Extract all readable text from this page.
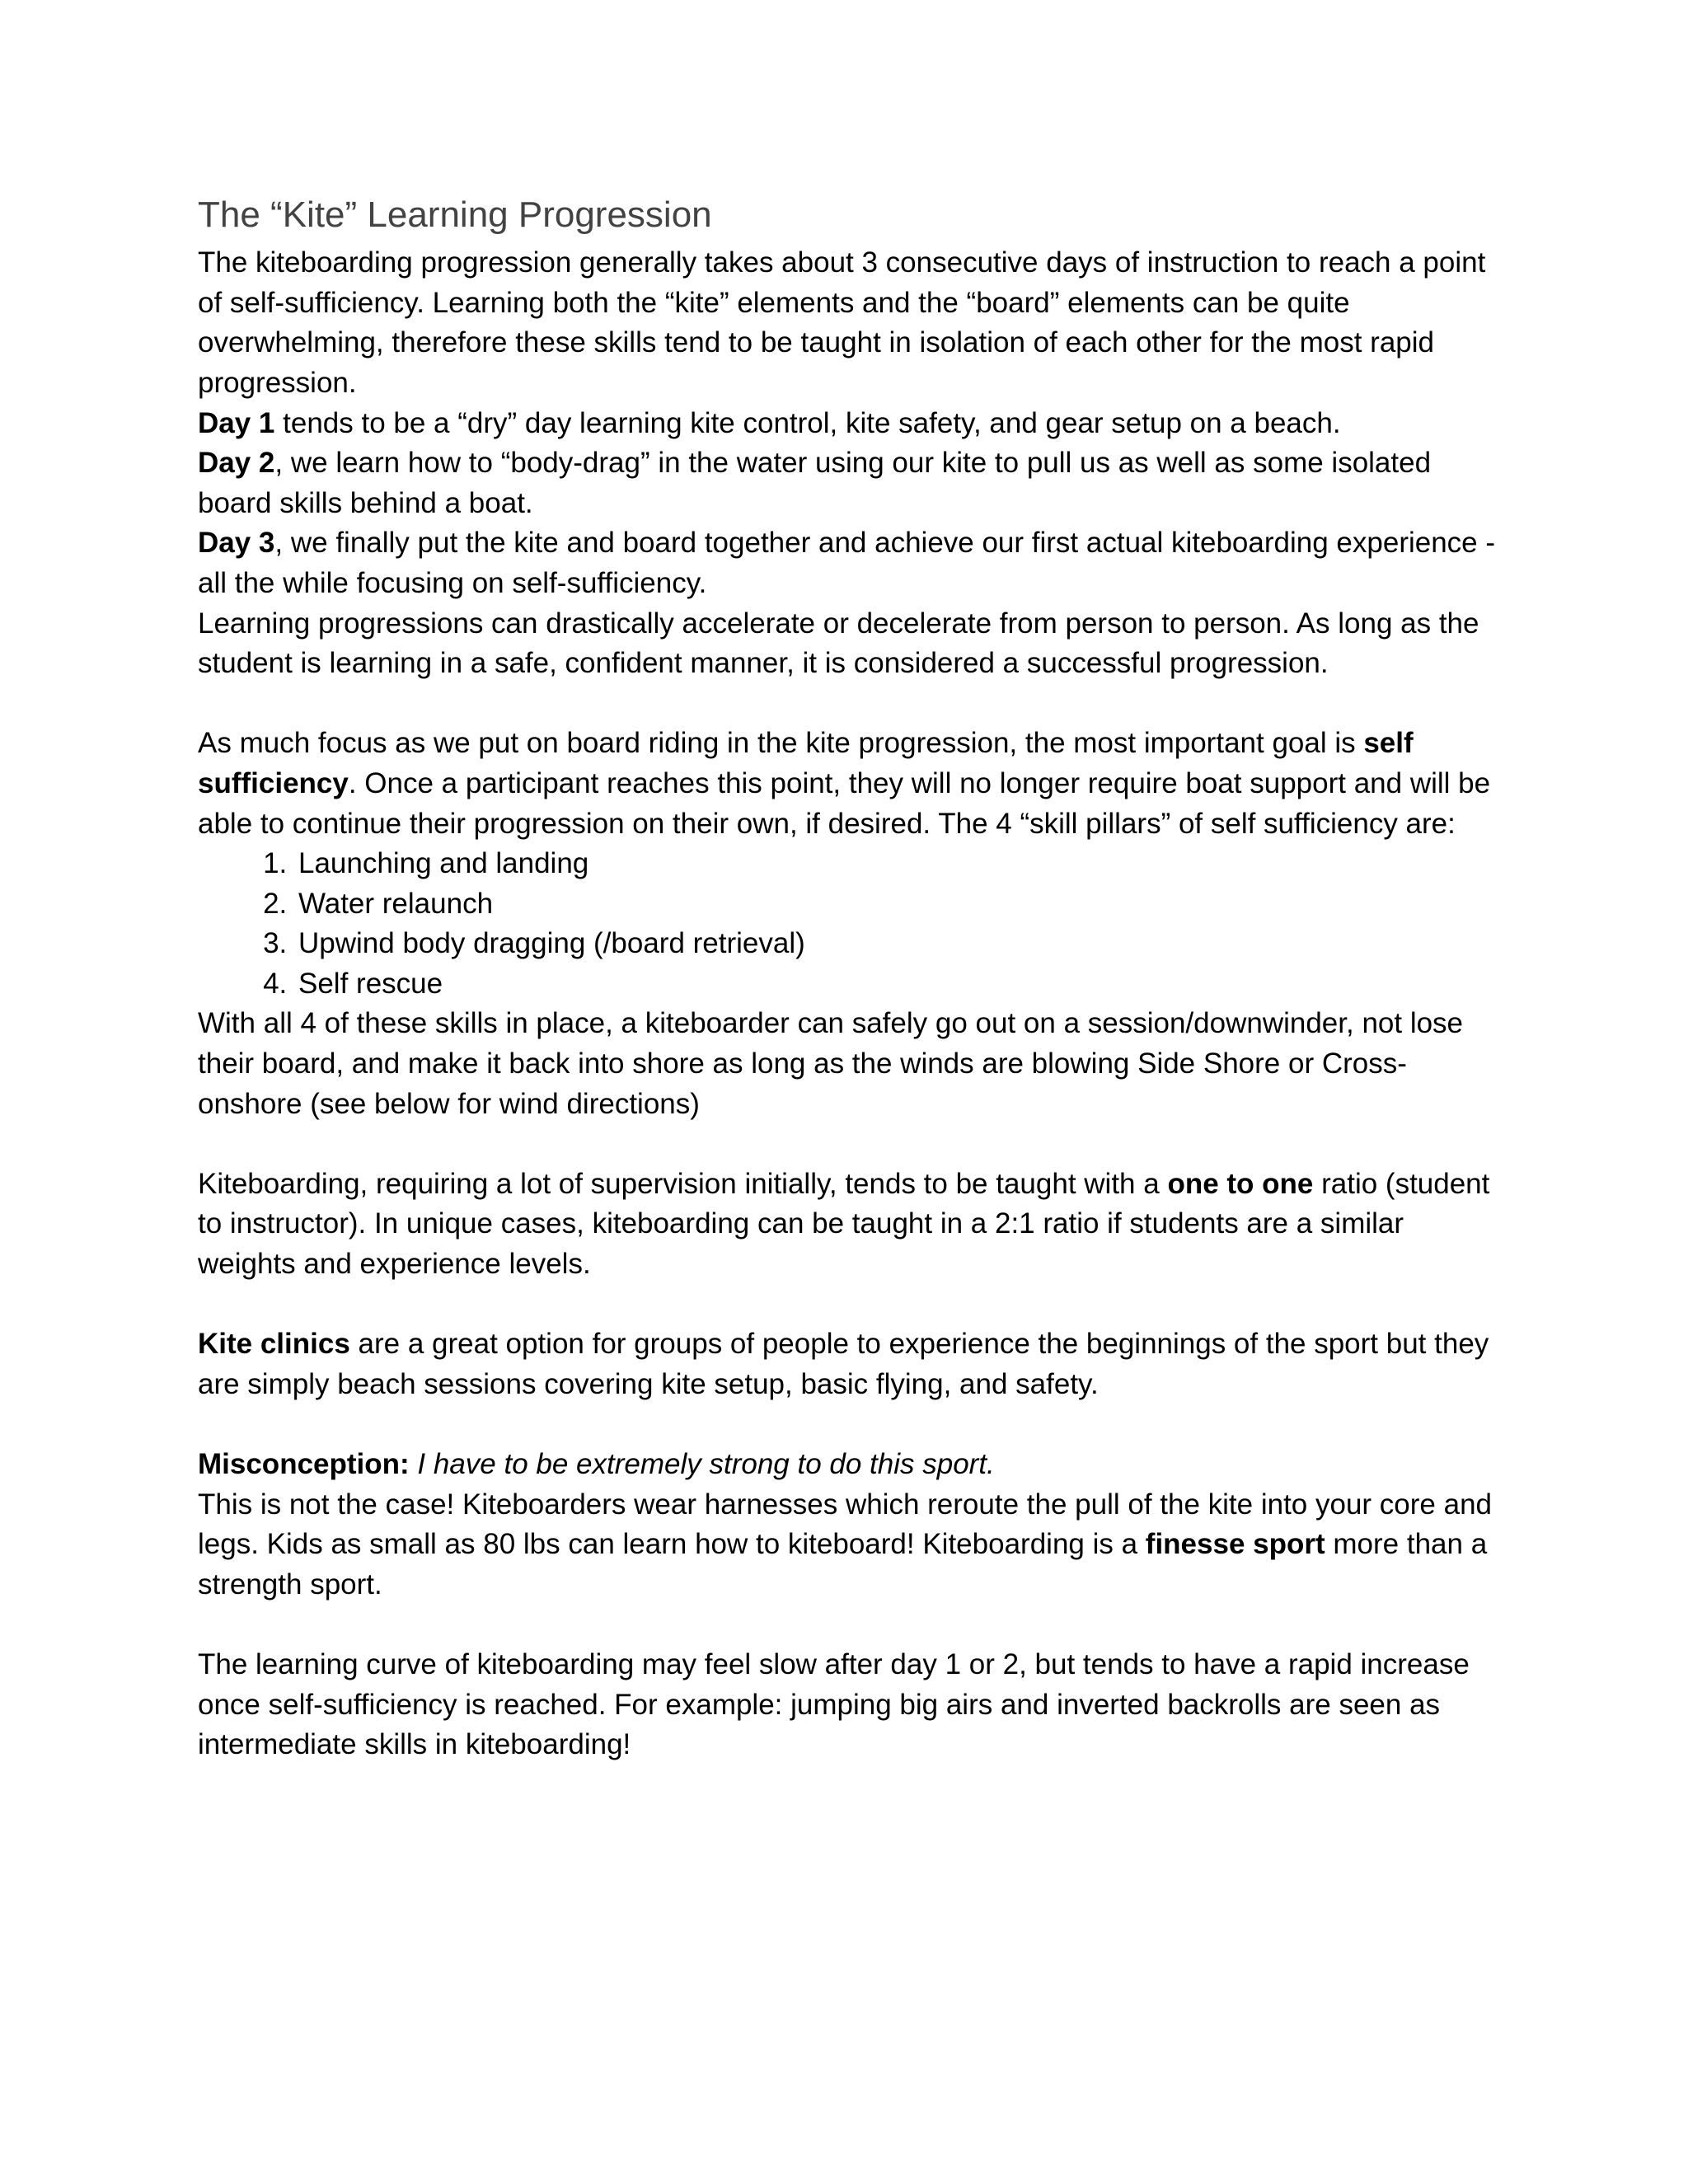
The “Kite” Learning Progression

The kiteboarding progression generally takes about 3 consecutive days of instruction to reach a point of self-sufficiency. Learning both the “kite” elements and the “board” elements can be quite overwhelming, therefore these skills tend to be taught in isolation of each other for the most rapid progression.

Day 1 tends to be a “dry” day learning kite control, kite safety, and gear setup on a beach.

Day 2, we learn how to “body-drag” in the water using our kite to pull us as well as some isolated board skills behind a boat.

Day 3, we finally put the kite and board together and achieve our first actual kiteboarding experience - all the while focusing on self-sufficiency.

Learning progressions can drastically accelerate or decelerate from person to person. As long as the student is learning in a safe, confident manner, it is considered a successful progression.

As much focus as we put on board riding in the kite progression, the most important goal is self sufficiency. Once a participant reaches this point, they will no longer require boat support and will be able to continue their progression on their own, if desired. The 4 “skill pillars” of self sufficiency are:

1. Launching and landing
2. Water relaunch
3. Upwind body dragging (/board retrieval)
4. Self rescue

With all 4 of these skills in place, a kiteboarder can safely go out on a session/downwinder, not lose their board, and make it back into shore as long as the winds are blowing Side Shore or Cross-onshore (see below for wind directions)

Kiteboarding, requiring a lot of supervision initially, tends to be taught with a one to one ratio (student to instructor). In unique cases, kiteboarding can be taught in a 2:1 ratio if students are a similar weights and experience levels.

Kite clinics are a great option for groups of people to experience the beginnings of the sport but they are simply beach sessions covering kite setup, basic flying, and safety.

Misconception: I have to be extremely strong to do this sport.

This is not the case! Kiteboarders wear harnesses which reroute the pull of the kite into your core and legs. Kids as small as 80 lbs can learn how to kiteboard! Kiteboarding is a finesse sport more than a strength sport.

The learning curve of kiteboarding may feel slow after day 1 or 2, but tends to have a rapid increase once self-sufficiency is reached. For example: jumping big airs and inverted backrolls are seen as intermediate skills in kiteboarding!
